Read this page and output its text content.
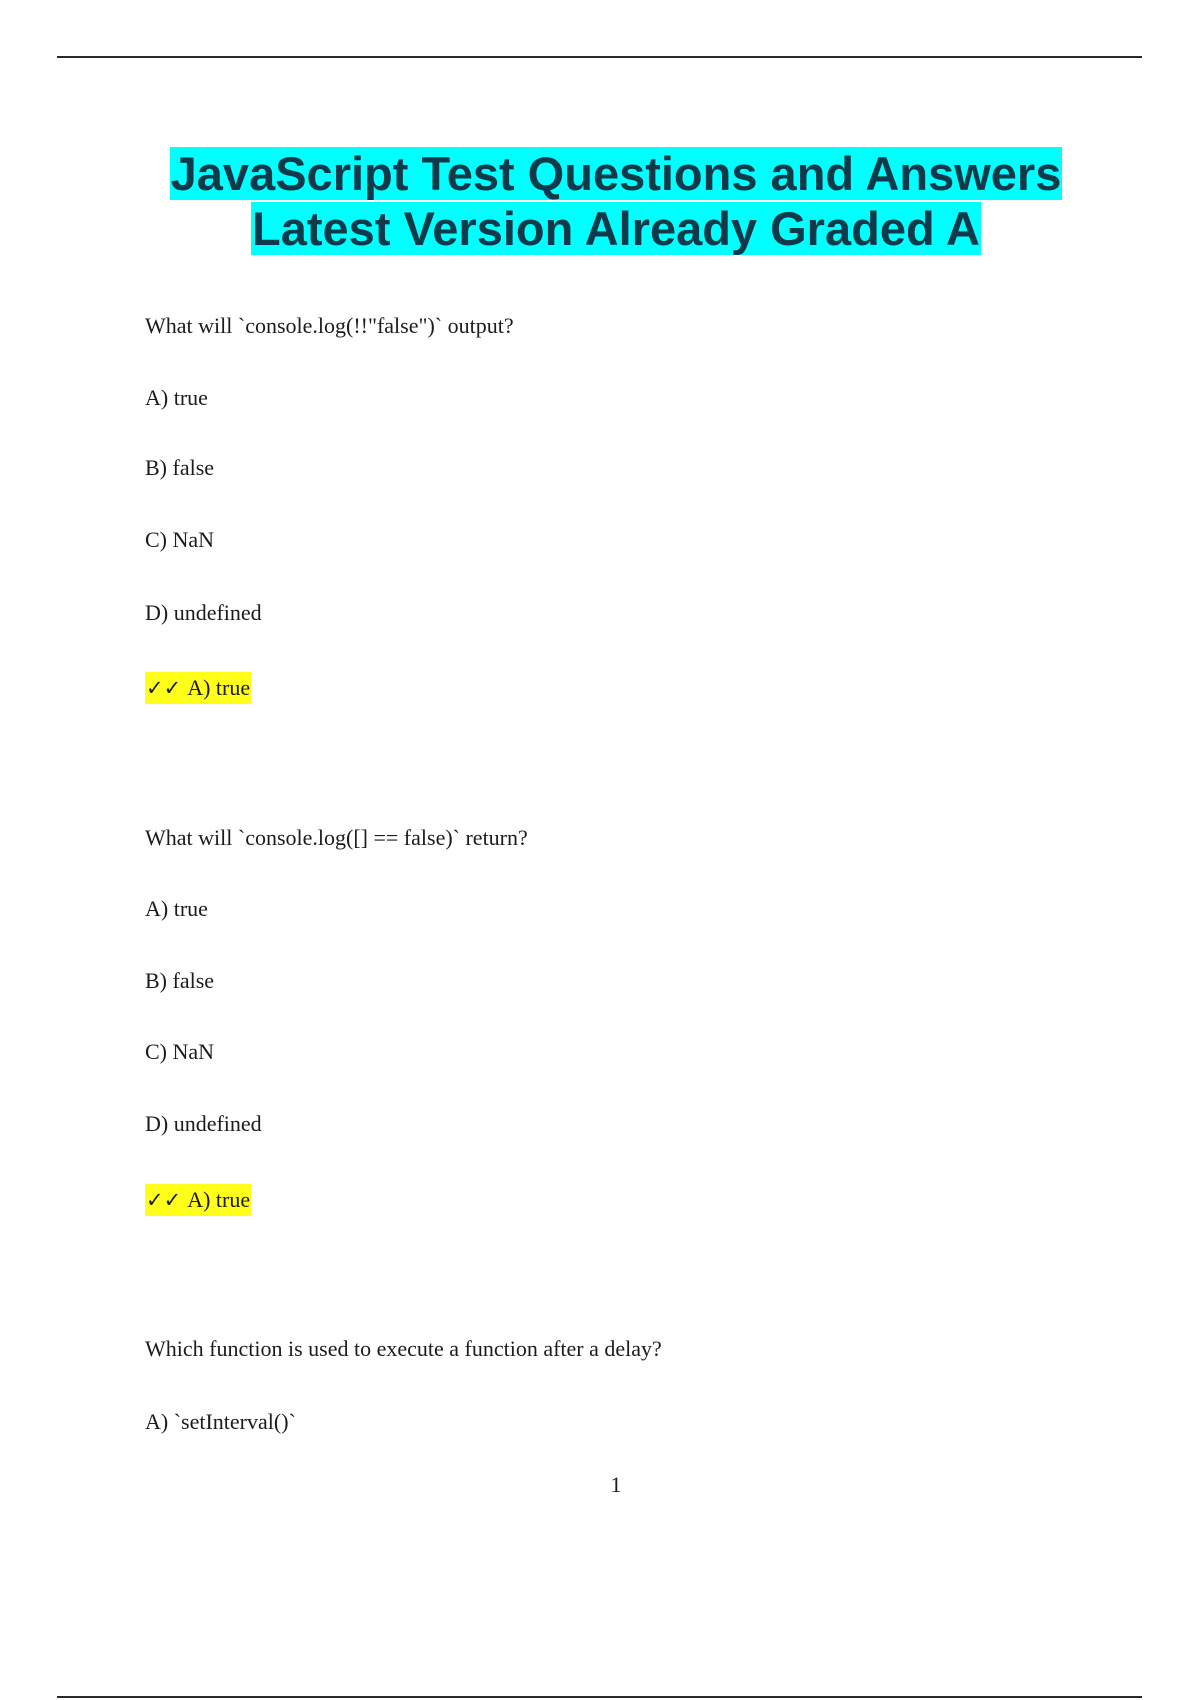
JavaScript Test Questions and Answers
Latest Version Already Graded A
What will `console.log(!!"false")` output?
A) true
B) false
C) NaN
D) undefined
✓✓ A) true
What will `console.log([] == false)` return?
A) true
B) false
C) NaN
D) undefined
✓✓ A) true
Which function is used to execute a function after a delay?
A) `setInterval()`
1
